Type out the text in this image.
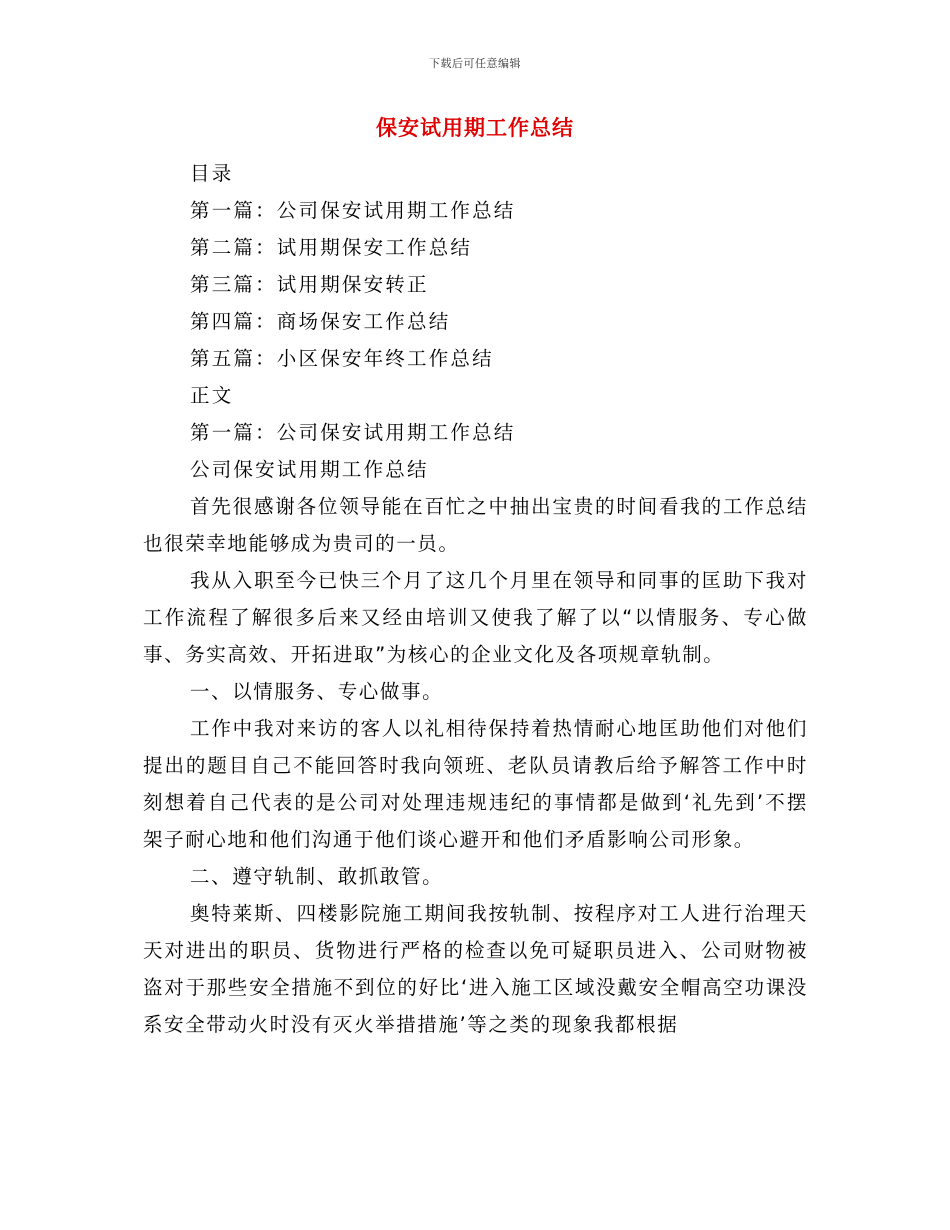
下载后可任意编辑
保安试用期工作总结
目录
第一篇：公司保安试用期工作总结
第二篇：试用期保安工作总结
第三篇：试用期保安转正
第四篇：商场保安工作总结
第五篇：小区保安年终工作总结
正文
第一篇：公司保安试用期工作总结
公司保安试用期工作总结

首先很感谢各位领导能在百忙之中抽出宝贵的时间看我的工作总结也很荣幸地能够成为贵司的一员。

我从入职至今已快三个月了这几个月里在领导和同事的匡助下我对工作流程了解很多后来又经由培训又使我了解了以“以情服务、专心做事、务实高效、开拓进取”为核心的企业文化及各项规章轨制。

一、以情服务、专心做事。

工作中我对来访的客人以礼相待保持着热情耐心地匡助他们对他们提出的题目自己不能回答时我向领班、老队员请教后给予解答工作中时刻想着自己代表的是公司对处理违规违纪的事情都是做到‘礼先到’不摆架子耐心地和他们沟通于他们谈心避开和他们矛盾影响公司形象。

二、遵守轨制、敢抓敢管。

奥特莱斯、四楼影院施工期间我按轨制、按程序对工人进行治理天天对进出的职员、货物进行严格的检查以免可疑职员进入、公司财物被盗对于那些安全措施不到位的好比‘进入施工区域没戴安全帽高空功课没系安全带动火时没有灭火举措措施’等之类的现象我都根据
